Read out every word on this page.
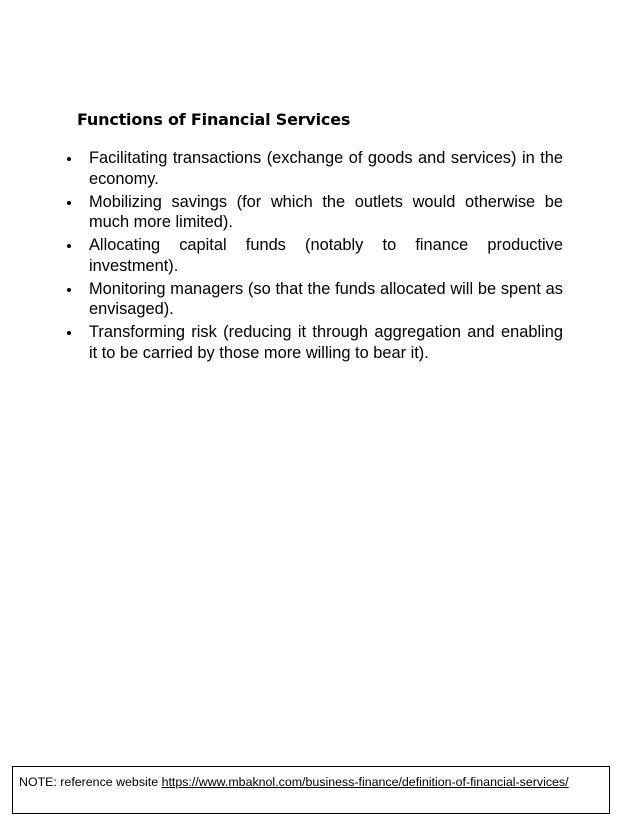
Functions of Financial Services
Facilitating transactions (exchange of goods and services) in the economy.
Mobilizing savings (for which the outlets would otherwise be much more limited).
Allocating capital funds (notably to finance productive investment).
Monitoring managers (so that the funds allocated will be spent as envisaged).
Transforming risk (reducing it through aggregation and enabling it to be carried by those more willing to bear it).
NOTE: reference website https://www.mbaknol.com/business-finance/definition-of-financial-services/
